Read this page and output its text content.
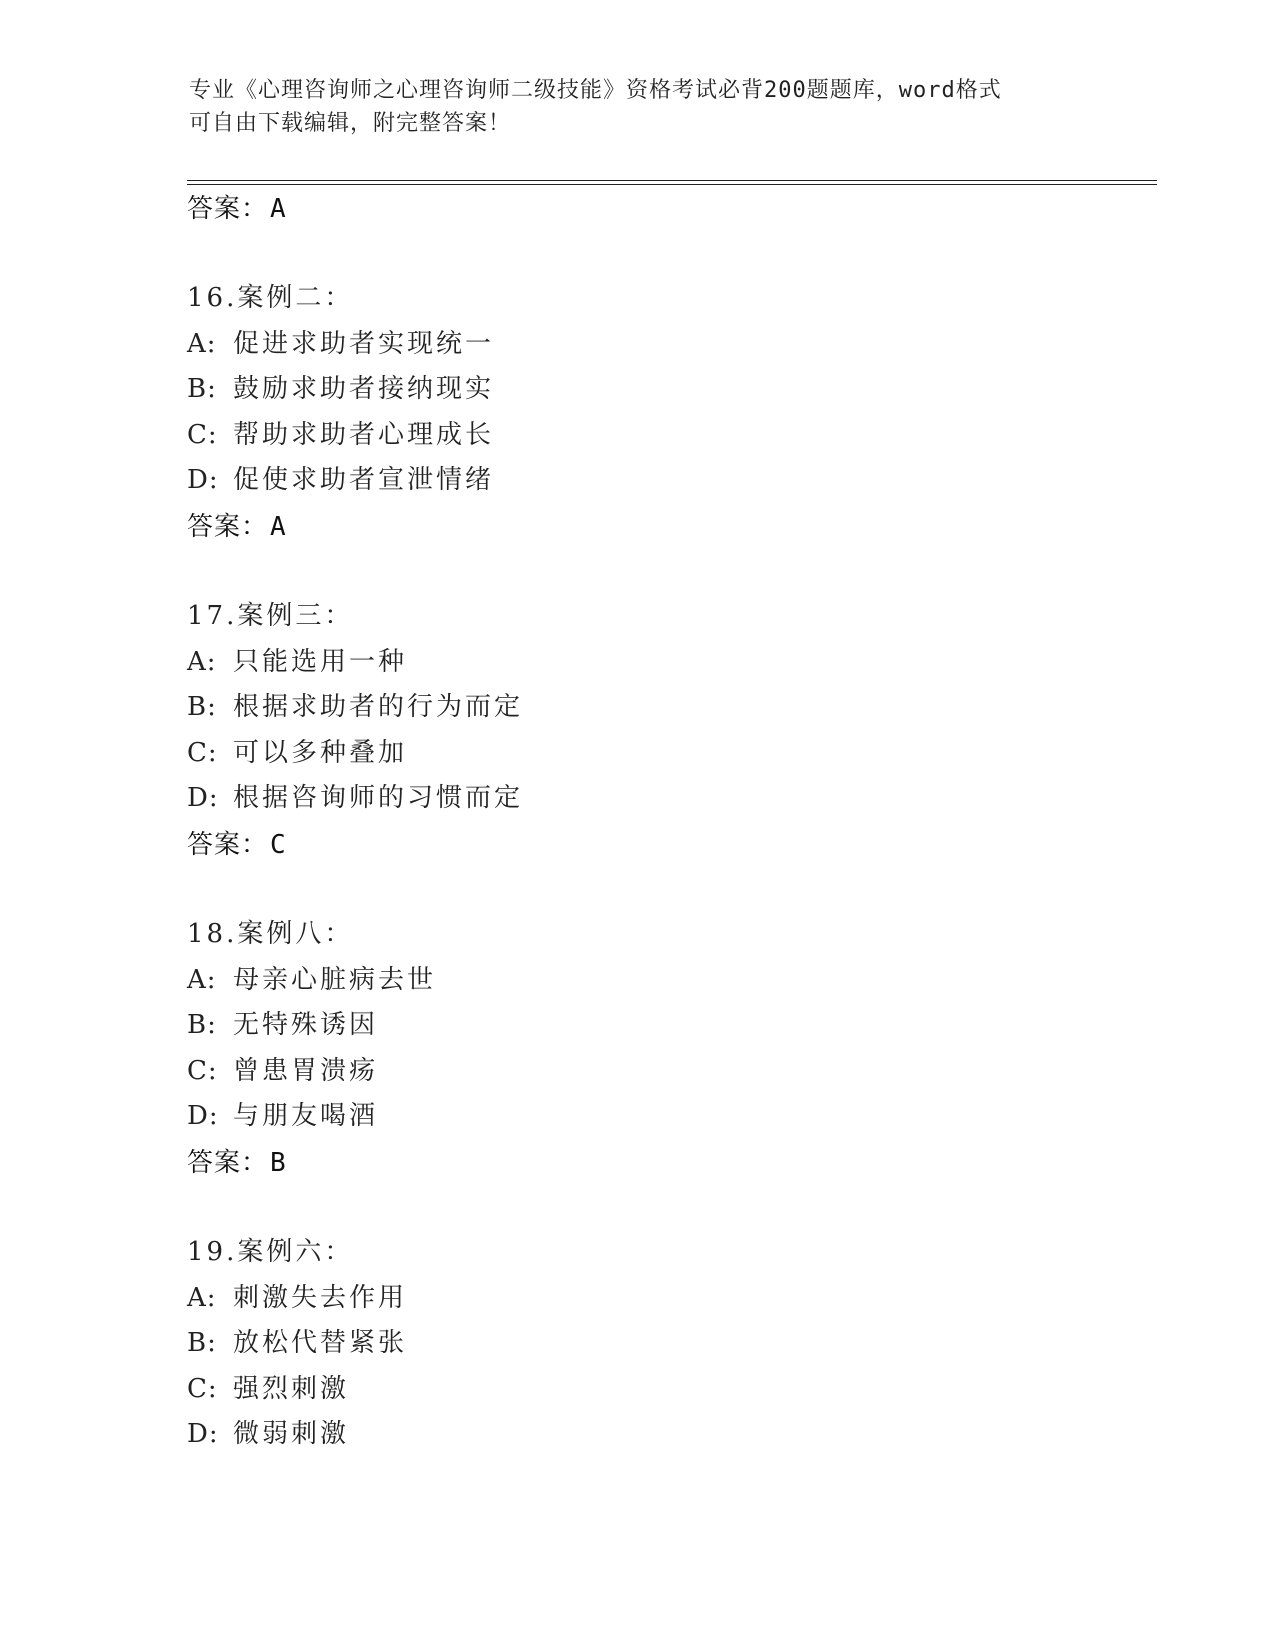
专业《心理咨询师之心理咨询师二级技能》资格考试必背200题题库，word格式
可自由下载编辑，附完整答案！
答案：A
16.案例二：
A: 促进求助者实现统一
B: 鼓励求助者接纳现实
C: 帮助求助者心理成长
D: 促使求助者宣泄情绪
答案：A
17.案例三：
A: 只能选用一种
B: 根据求助者的行为而定
C: 可以多种叠加
D: 根据咨询师的习惯而定
答案：C
18.案例八：
A: 母亲心脏病去世
B: 无特殊诱因
C: 曾患胃溃疡
D: 与朋友喝酒
答案：B
19.案例六：
A: 刺激失去作用
B: 放松代替紧张
C: 强烈刺激
D: 微弱刺激
